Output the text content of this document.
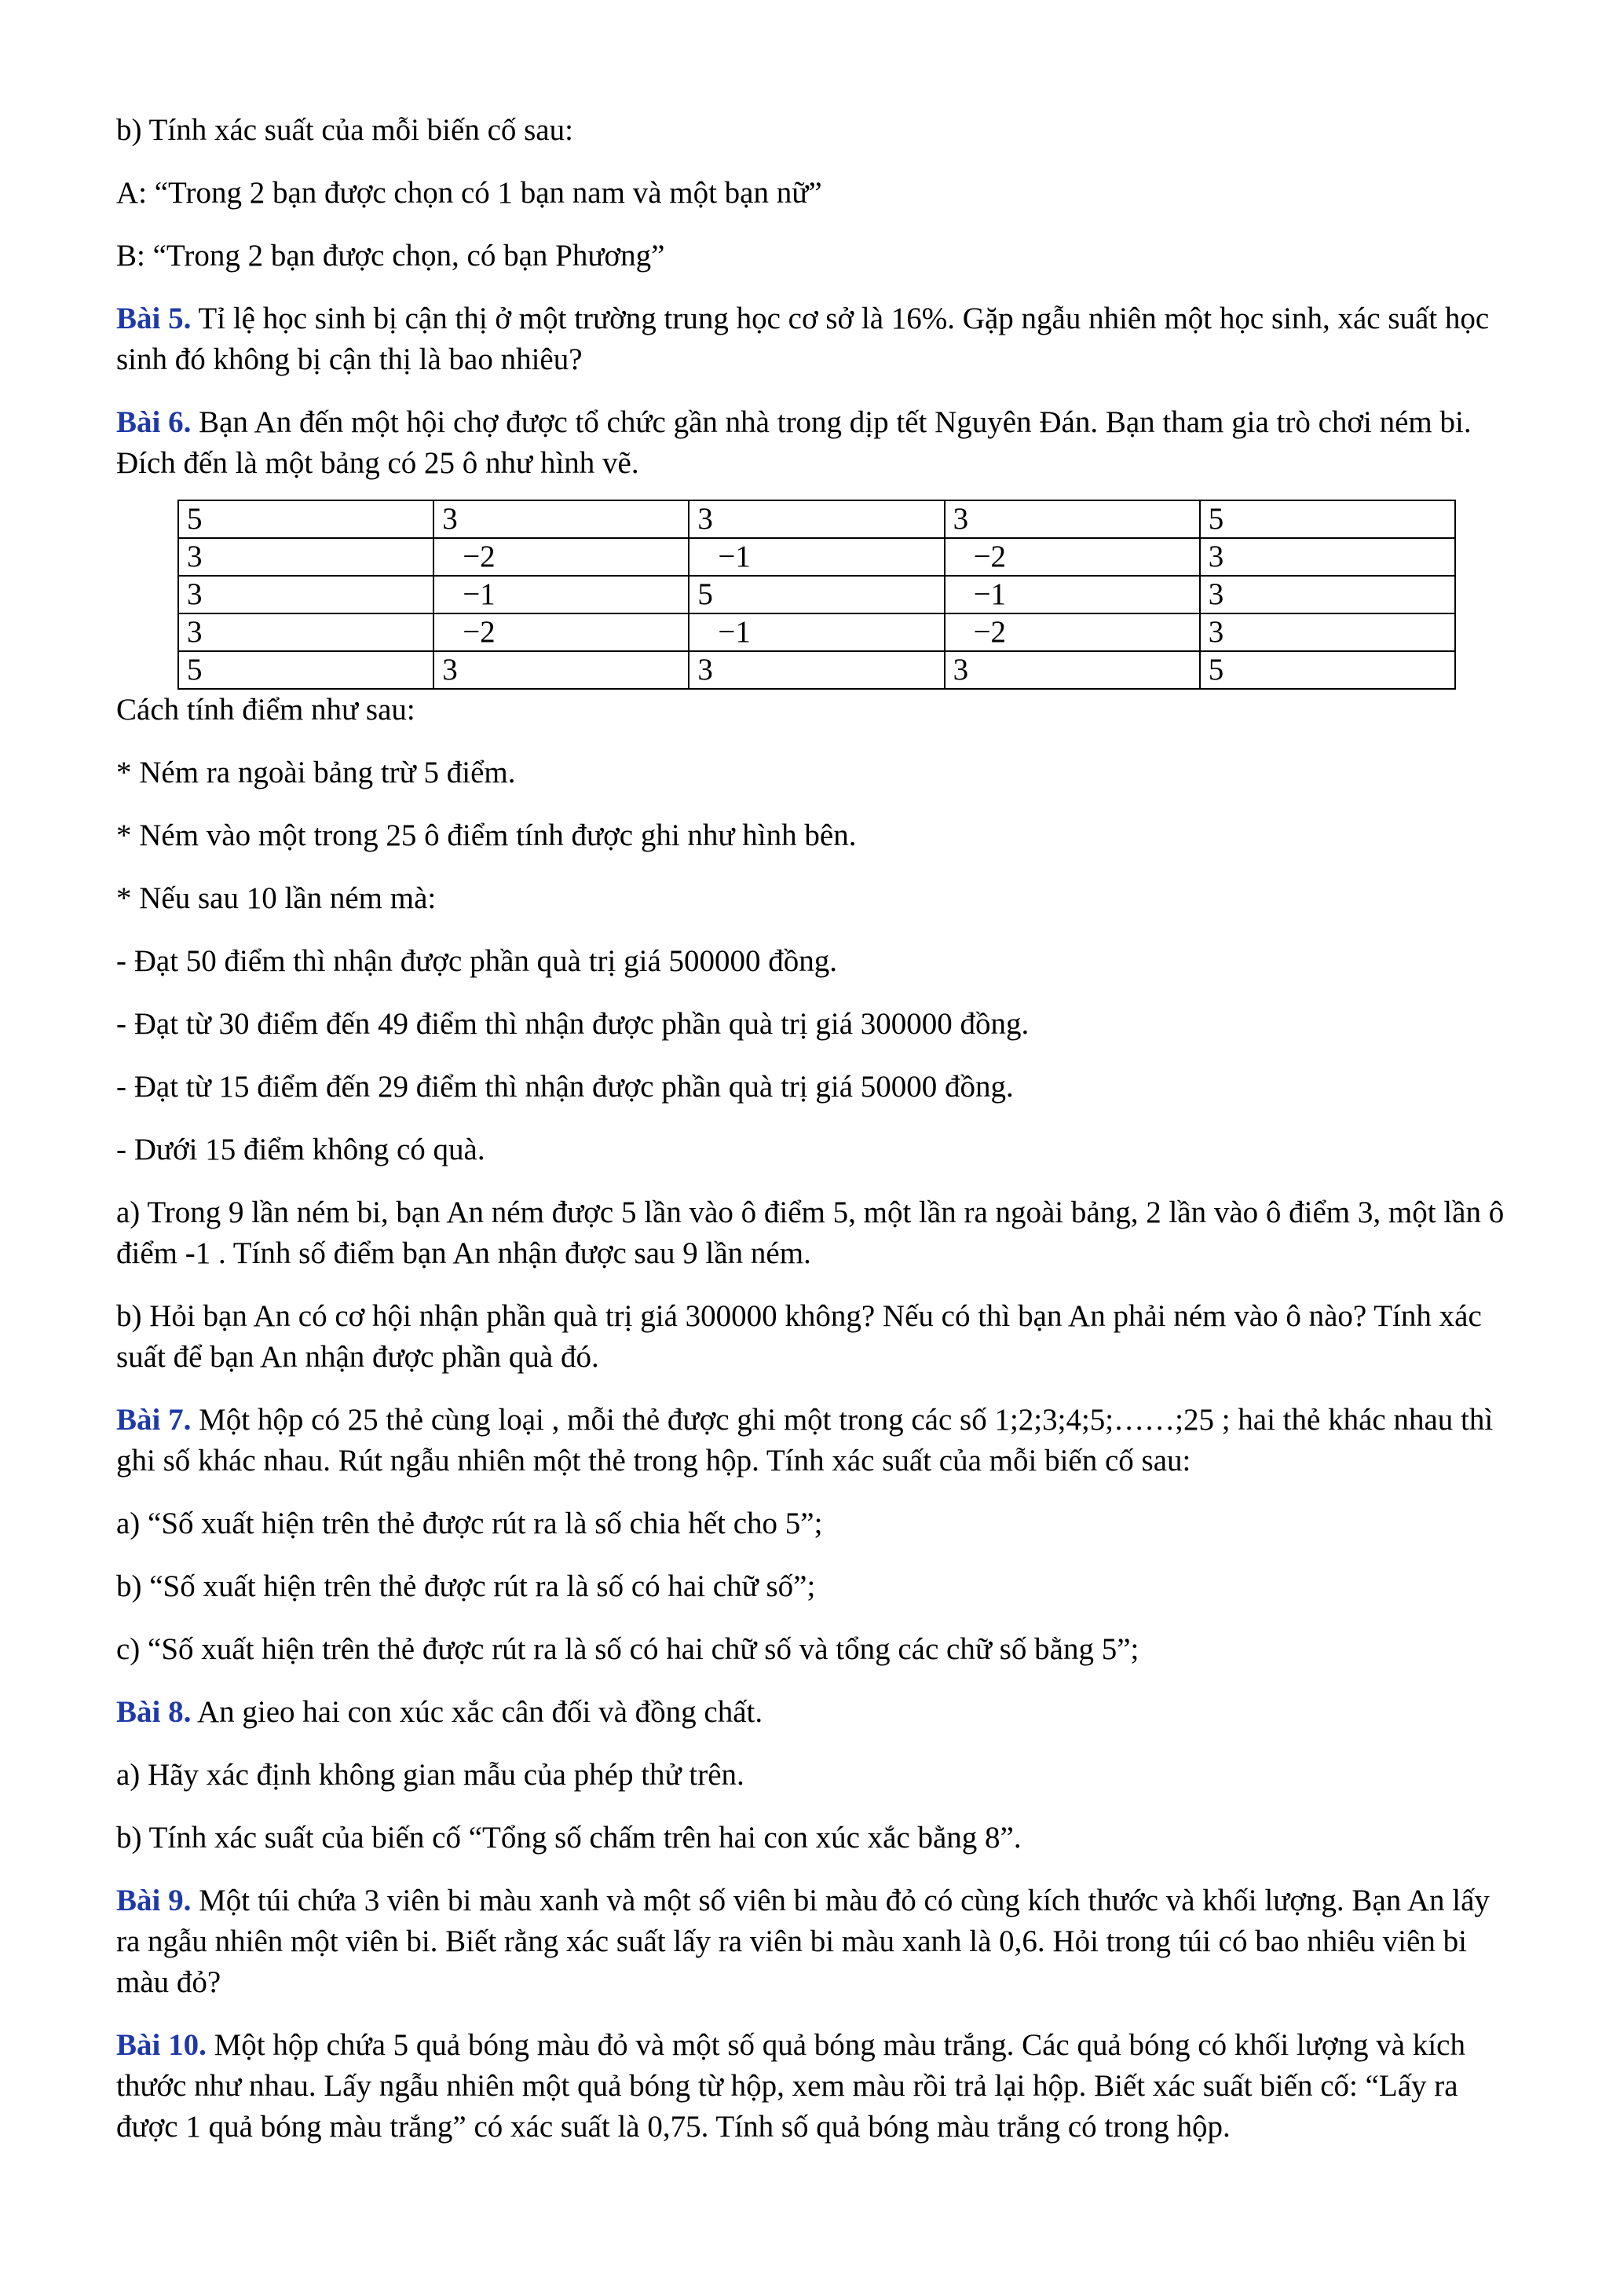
b) Tính xác suất của mỗi biến cố sau:

A: “Trong 2 bạn được chọn có 1 bạn nam và một bạn nữ”

B: “Trong 2 bạn được chọn, có bạn Phương”

Bài 5. Tỉ lệ học sinh bị cận thị ở một trường trung học cơ sở là 16%. Gặp ngẫu nhiên một học sinh, xác suất học sinh đó không bị cận thị là bao nhiêu?

Bài 6. Bạn An đến một hội chợ được tổ chức gần nhà trong dịp tết Nguyên Đán. Bạn tham gia trò chơi ném bi. Đích đến là một bảng có 25 ô như hình vẽ.

5	3	3	3	5
3	−2	−1	−2	3
3	−1	5	−1	3
3	−2	−1	−2	3
5	3	3	3	5

Cách tính điểm như sau:

* Ném ra ngoài bảng trừ 5 điểm.

* Ném vào một trong 25 ô điểm tính được ghi như hình bên.

* Nếu sau 10 lần ném mà:

- Đạt 50 điểm thì nhận được phần quà trị giá 500000 đồng.

- Đạt từ 30 điểm đến 49 điểm thì nhận được phần quà trị giá 300000 đồng.

- Đạt từ 15 điểm đến 29 điểm thì nhận được phần quà trị giá 50000 đồng.

- Dưới 15 điểm không có quà.

a) Trong 9 lần ném bi, bạn An ném được 5 lần vào ô điểm 5, một lần ra ngoài bảng, 2 lần vào ô điểm 3, một lần ô điểm -1 . Tính số điểm bạn An nhận được sau 9 lần ném.

b) Hỏi bạn An có cơ hội nhận phần quà trị giá 300000 không? Nếu có thì bạn An phải ném vào ô nào? Tính xác suất để bạn An nhận được phần quà đó.

Bài 7. Một hộp có 25 thẻ cùng loại , mỗi thẻ được ghi một trong các số 1;2;3;4;5;……;25 ; hai thẻ khác nhau thì ghi số khác nhau. Rút ngẫu nhiên một thẻ trong hộp. Tính xác suất của mỗi biến cố sau:

a) “Số xuất hiện trên thẻ được rút ra là số chia hết cho 5”;

b) “Số xuất hiện trên thẻ được rút ra là số có hai chữ số”;

c) “Số xuất hiện trên thẻ được rút ra là số có hai chữ số và tổng các chữ số bằng 5”;

Bài 8. An gieo hai con xúc xắc cân đối và đồng chất.

a) Hãy xác định không gian mẫu của phép thử trên.

b) Tính xác suất của biến cố “Tổng số chấm trên hai con xúc xắc bằng 8”.

Bài 9. Một túi chứa 3 viên bi màu xanh và một số viên bi màu đỏ có cùng kích thước và khối lượng. Bạn An lấy ra ngẫu nhiên một viên bi. Biết rằng xác suất lấy ra viên bi màu xanh là 0,6. Hỏi trong túi có bao nhiêu viên bi màu đỏ?

Bài 10. Một hộp chứa 5 quả bóng màu đỏ và một số quả bóng màu trắng. Các quả bóng có khối lượng và kích thước như nhau. Lấy ngẫu nhiên một quả bóng từ hộp, xem màu rồi trả lại hộp. Biết xác suất biến cố: “Lấy ra được 1 quả bóng màu trắng” có xác suất là 0,75. Tính số quả bóng màu trắng có trong hộp.
